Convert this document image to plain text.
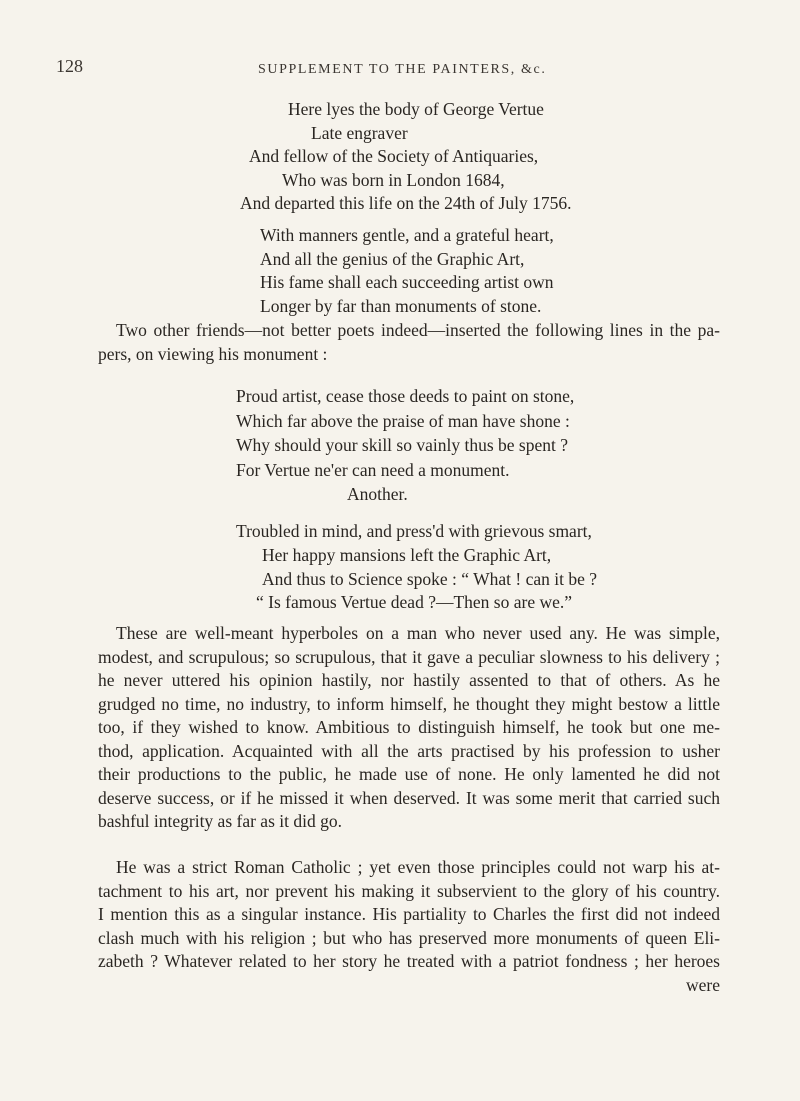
128	SUPPLEMENT TO THE PAINTERS, &c.
Here lyes the body of George Vertue
Late engraver
And fellow of the Society of Antiquaries,
Who was born in London 1684,
And departed this life on the 24th of July 1756.
With manners gentle, and a grateful heart,
And all the genius of the Graphic Art,
His fame shall each succeeding artist own
Longer by far than monuments of stone.
Two other friends—not better poets indeed—inserted the following lines in the pa-
pers, on viewing his monument :
Proud artist, cease those deeds to paint on stone,
Which far above the praise of man have shone :
Why should your skill so vainly thus be spent ?
For Vertue ne'er can need a monument.
Another.
Troubled in mind, and press'd with grievous smart,
Her happy mansions left the Graphic Art,
And thus to Science spoke : “ What ! can it be ?
“ Is famous Vertue dead ?—Then so are we.”
These are well-meant hyperboles on a man who never used any. He was simple,
modest, and scrupulous; so scrupulous, that it gave a peculiar slowness to his delivery ;
he never uttered his opinion hastily, nor hastily assented to that of others. As he
grudged no time, no industry, to inform himself, he thought they might bestow a little
too, if they wished to know. Ambitious to distinguish himself, he took but one me-
thod, application. Acquainted with all the arts practised by his profession to usher
their productions to the public, he made use of none. He only lamented he did not
deserve success, or if he missed it when deserved. It was some merit that carried such
bashful integrity as far as it did go.
He was a strict Roman Catholic ; yet even those principles could not warp his at-
tachment to his art, nor prevent his making it subservient to the glory of his country.
I mention this as a singular instance. His partiality to Charles the first did not indeed
clash much with his religion ; but who has preserved more monuments of queen Eli-
zabeth ? Whatever related to her story he treated with a patriot fondness ; her heroes
were
